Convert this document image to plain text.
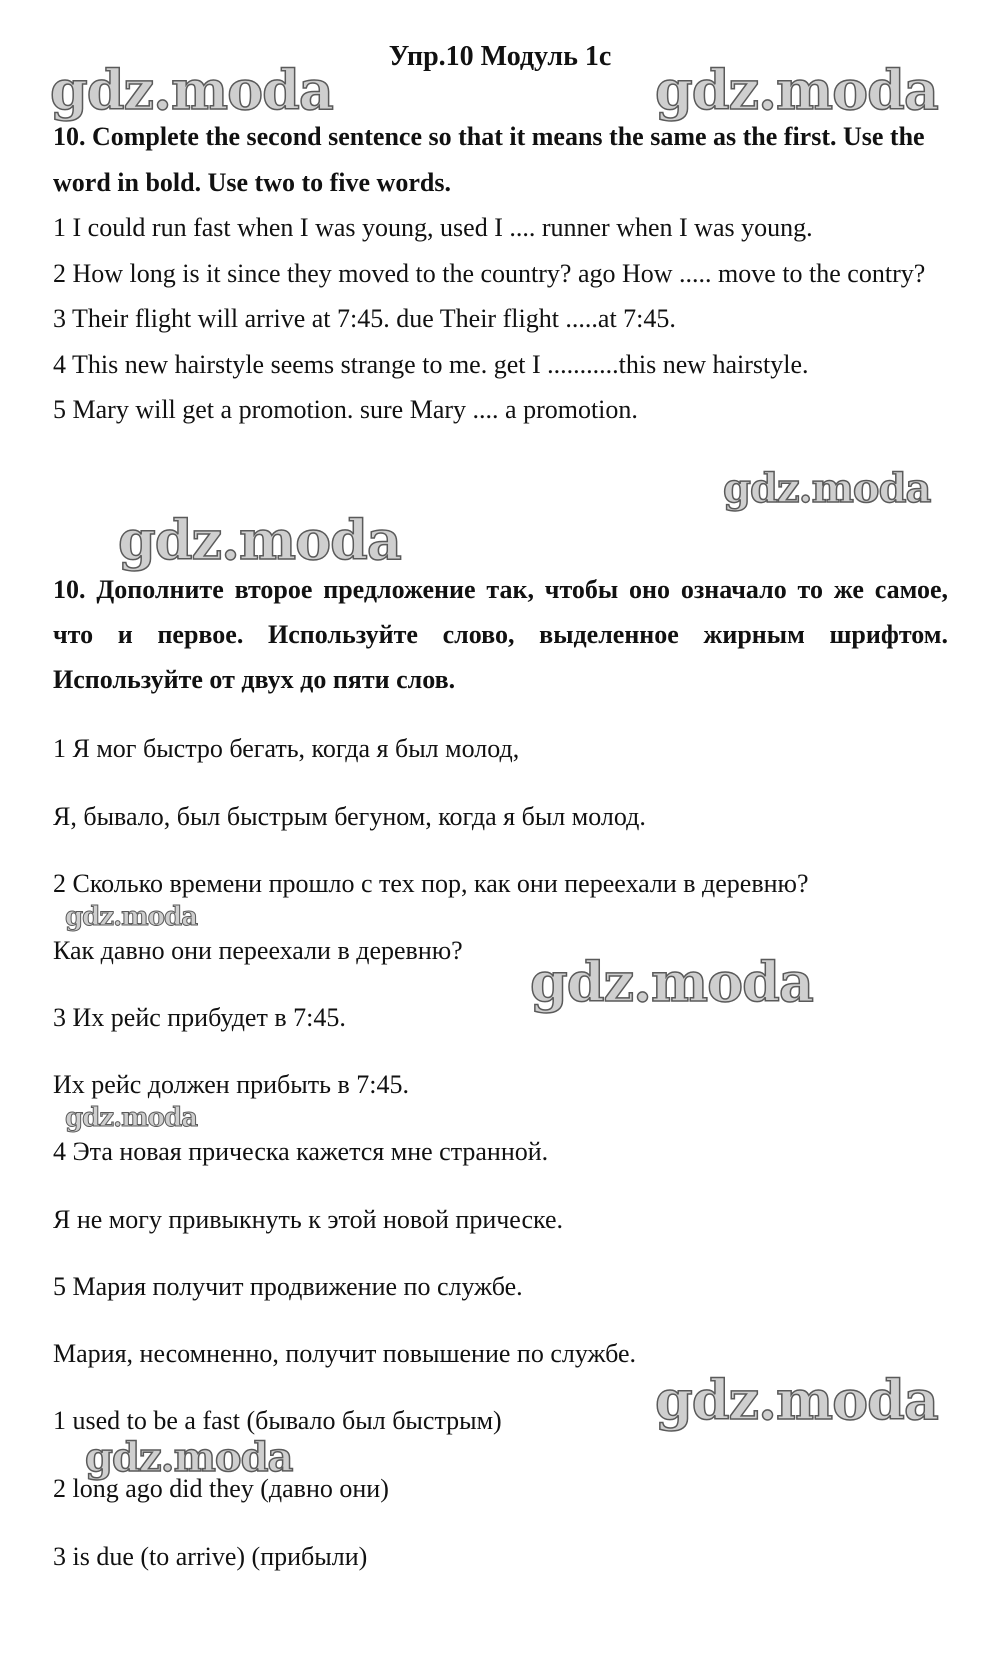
Упр.10 Модуль 1с

10. Complete the second sentence so that it means the same as the first. Use the word in bold. Use two to five words.

1 I could run fast when I was young, used I .... runner when I was young.

2 How long is it since they moved to the country? ago How ..... move to the contry?

3 Their flight will arrive at 7:45. due Their flight .....at 7:45.

4 This new hairstyle seems strange to me. get I ...........this new hairstyle.

5 Mary will get a promotion. sure Mary .... a promotion.

10. Дополните второе предложение так, чтобы оно означало то же самое, что и первое. Используйте слово, выделенное жирным шрифтом. Используйте от двух до пяти слов.
1 Я мог быстро бегать, когда я был молод,
Я, бывало, был быстрым бегуном, когда я был молод.
2 Сколько времени прошло с тех пор, как они переехали в деревню?
Как давно они переехали в деревню?
3 Их рейс прибудет в 7:45.
Их рейс должен прибыть в 7:45.
4 Эта новая прическа кажется мне странной.
Я не могу привыкнуть к этой новой прическе.
5 Мария получит продвижение по службе.
Мария, несомненно, получит повышение по службе.
1 used to be a fast (бывало был быстрым)
2 long ago did they (давно они)
3 is due (to arrive) (прибыли)
gdz.moda	gdz.moda
gdz.moda
gdz.moda
gdz.moda
gdz.moda
gdz.moda
gdz.moda
gdz.moda
